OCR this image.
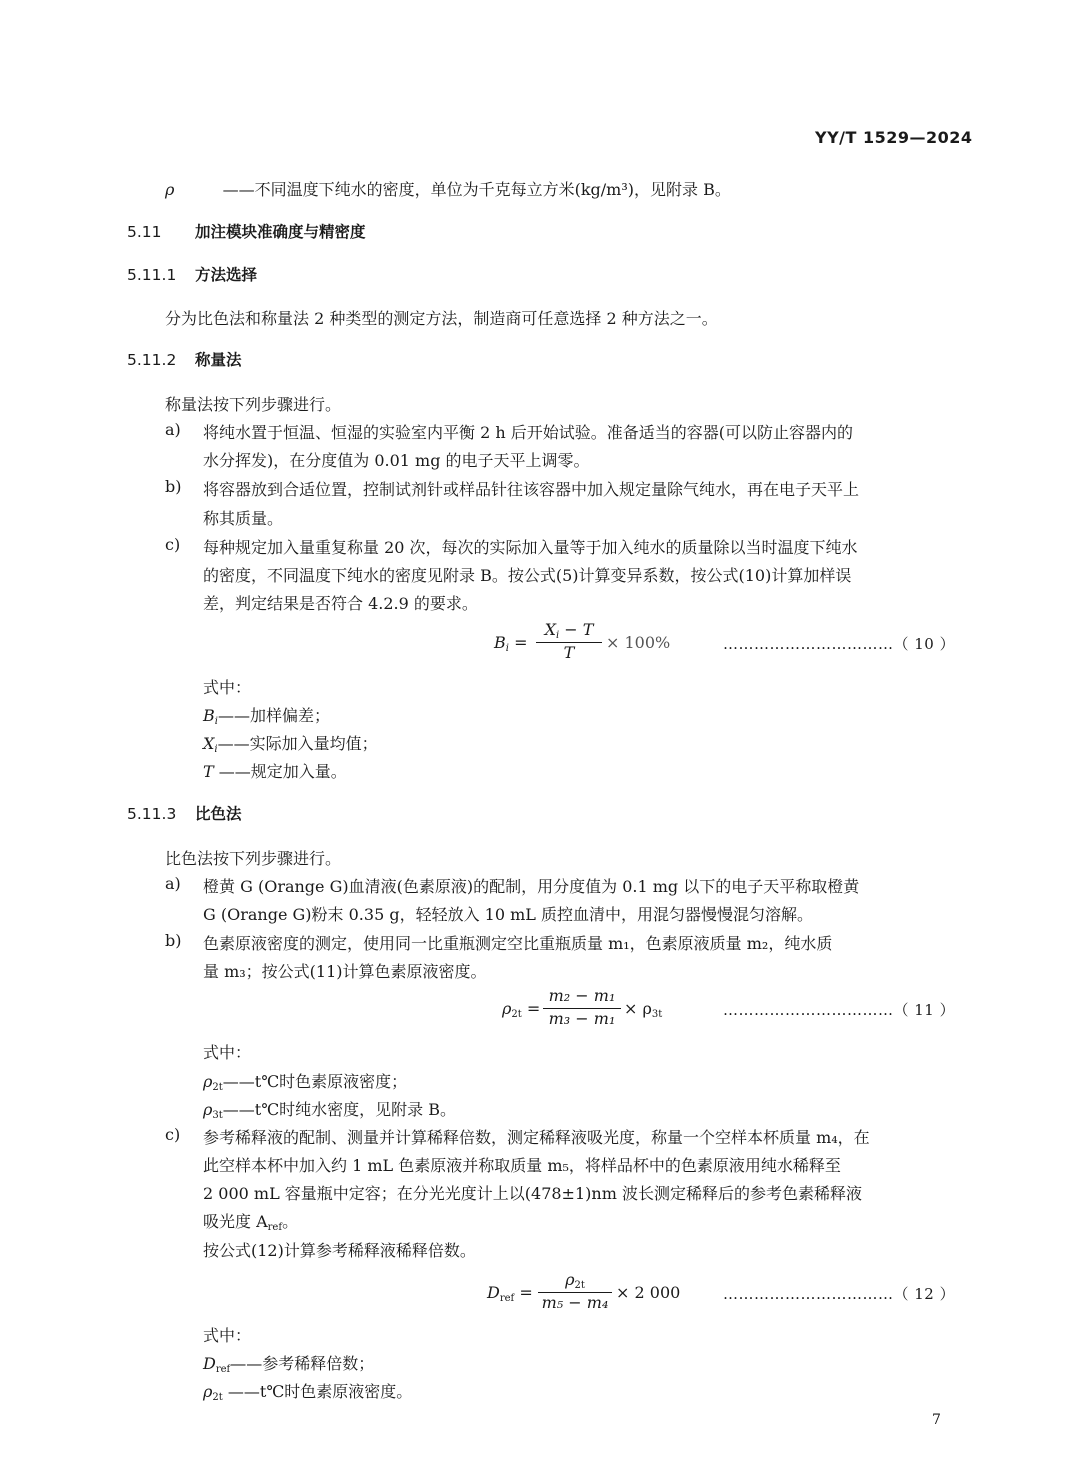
YY/T 1529—2024
ρ	——不同温度下纯水的密度，单位为千克每立方米(kg/m³)，见附录 B。
5.11 加注模块准确度与精密度
5.11.1 方法选择
分为比色法和称量法 2 种类型的测定方法，制造商可任意选择 2 种方法之一。
5.11.2 称量法
称量法按下列步骤进行。
a) 将纯水置于恒温、恒湿的实验室内平衡 2 h 后开始试验。准备适当的容器(可以防止容器内的
水分挥发)，在分度值为 0.01 mg 的电子天平上调零。
b) 将容器放到合适位置，控制试剂针或样品针往该容器中加入规定量除气纯水，再在电子天平上
称其质量。
c) 每种规定加入量重复称量 20 次，每次的实际加入量等于加入纯水的质量除以当时温度下纯水
的密度，不同温度下纯水的密度见附录 B。按公式(5)计算变异系数，按公式(10)计算加样误
差，判定结果是否符合 4.2.9 的要求。
$B_i$ =
$X_i - T$
T
× 100%	……………………………（ 10 ）
式中：
$B_i——$加样偏差；
$X_i——$实际加入量均值；
T ——规定加入量。
5.11.3 比色法
比色法按下列步骤进行。
a) 橙黄 G (Orange G)血清液(色素原液)的配制，用分度值为 0.1 mg 以下的电子天平称取橙黄
G (Orange G)粉末 0.35 g，轻轻放入 10 mL 质控血清中，用混匀器慢慢混匀溶解。
b) 色素原液密度的测定，使用同一比重瓶测定空比重瓶质量 m₁，色素原液质量 m₂，纯水质
量 m₃；按公式(11)计算色素原液密度。
$\rho_{2t}$ =
m₂ − m₁
m₃ − m₁
× $\rho_{3t}$	……………………………（ 11 ）
式中：
$\rho_{2t}——t℃$时色素原液密度；
$\rho_{3t}——t℃$时纯水密度，见附录 B。
c) 参考稀释液的配制、测量并计算稀释倍数，测定稀释液吸光度，称量一个空样本杯质量 m₄，在
此空样本杯中加入约 1 mL 色素原液并称取质量 m₅，将样品杯中的色素原液用纯水稀释至
2 000 mL 容量瓶中定容；在分光光度计上以(478±1)nm 波长测定稀释后的参考色素稀释液
吸光度 $A_{ref}$。
按公式(12)计算参考稀释液稀释倍数。
$D_{ref}$ =
$\rho_{2t}$
m₅ − m₄
× 2 000	……………………………（ 12 ）
式中：
$D_{ref}——$参考稀释倍数；
$\rho_{2t}$ ——t℃时色素原液密度。
7
